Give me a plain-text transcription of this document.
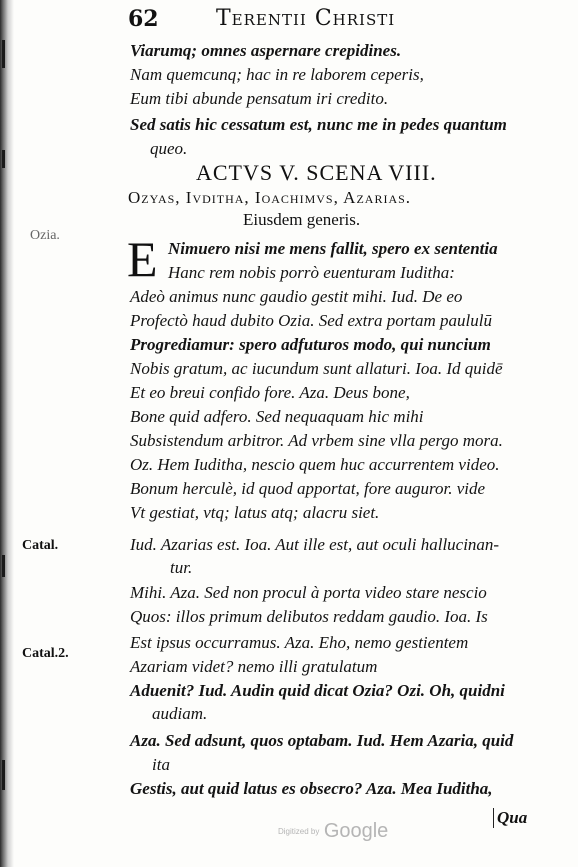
62	Terentii Christi
Viarumq; omnes aspernare crepidines.
Nam quemcunq; hac in re laborem ceperis,
Eum tibi abunde pensatum iri credito.
Sed satis hic cessatum est, nunc me in pedes quantum
queo.
ACTVS V. SCENA VIII.
Ozyas, Ivditha, Ioachimvs, Azarias.
Eiusdem generis.
Ozia. E Nimuero nisi me mens fallit, spero ex sententia
Hanc rem nobis porrò euenturam Iuditha:
Adeò animus nunc gaudio gestit mihi. Iud. De eo
Profectò haud dubito Ozia. Sed extra portam paululū
Progrediamur: spero adfuturos modo, qui nuncium
Nobis gratum, ac iucundum sunt allaturi. Ioa. Id quidē
Et eo breui confido fore. Aza. Deus bone,
Bone quid adfero. Sed nequaquam hic mihi
Subsistendum arbitror. Ad vrbem sine vlla pergo mora.
Oz. Hem Iuditha, nescio quem huc accurrentem video.
Bonum herculè, id quod apportat, fore auguror. vide
Vt gestiat, vtq; latus atq; alacru siet.
Catal.	Iud. Azarias est. Ioa. Aut ille est, aut oculi hallucinan-
tur.
Mihi. Aza. Sed non procul à porta video stare nescio
Quos: illos primum delibutos reddam gaudio. Ioa. Is
Catal.2.
Est ipsus occurramus. Aza. Eho, nemo gestientem
Azariam videt? nemo illi gratulatum
Aduenit? Iud. Audin quid dicat Ozia? Ozi. Oh, quidni
audiam.
Aza. Sed adsunt, quos optabam. Iud. Hem Azaria, quid
ita
Gestis, aut quid latus es obsecro? Aza. Mea Iuditha,
Qua
Digitized by Google
